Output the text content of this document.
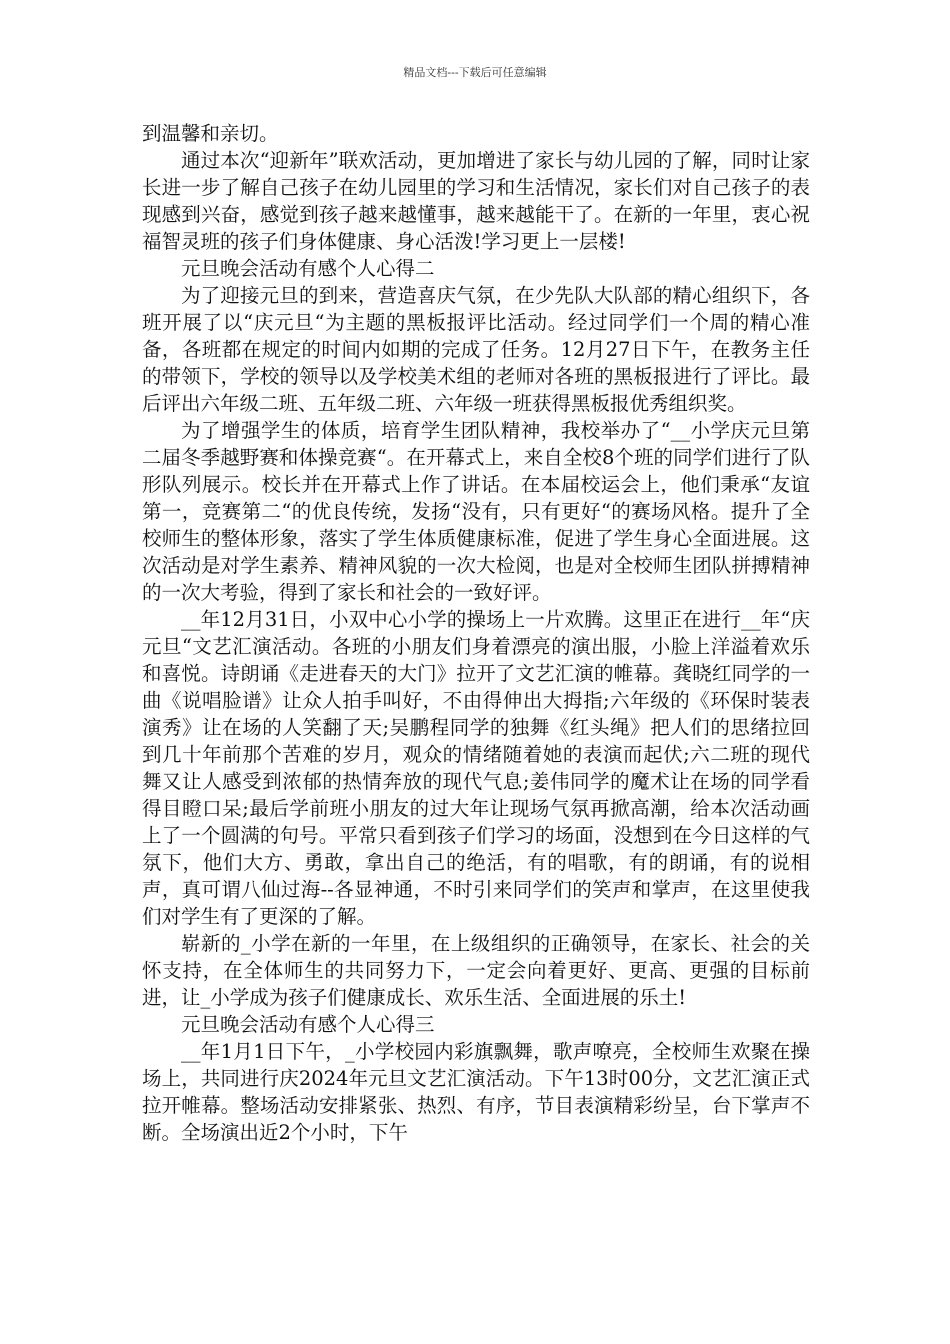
精品文档---下载后可任意编辑

到温馨和亲切。

通过本次“迎新年”联欢活动，更加增进了家长与幼儿园的了解，同时让家长进一步了解自己孩子在幼儿园里的学习和生活情况，家长们对自己孩子的表现感到兴奋，感觉到孩子越来越懂事，越来越能干了。在新的一年里，衷心祝福智灵班的孩子们身体健康、身心活泼!学习更上一层楼!

元旦晚会活动有感个人心得二

为了迎接元旦的到来，营造喜庆气氛，在少先队大队部的精心组织下，各班开展了以“庆元旦“为主题的黑板报评比活动。经过同学们一个周的精心准备，各班都在规定的时间内如期的完成了任务。12月27日下午，在教务主任的带领下，学校的领导以及学校美术组的老师对各班的黑板报进行了评比。最后评出六年级二班、五年级二班、六年级一班获得黑板报优秀组织奖。

为了增强学生的体质，培育学生团队精神，我校举办了“__小学庆元旦第二届冬季越野赛和体操竞赛“。在开幕式上，来自全校8个班的同学们进行了队形队列展示。校长并在开幕式上作了讲话。在本届校运会上，他们秉承“友谊第一，竞赛第二“的优良传统，发扬“没有，只有更好“的赛场风格。提升了全校师生的整体形象，落实了学生体质健康标准，促进了学生身心全面进展。这次活动是对学生素养、精神风貌的一次大检阅，也是对全校师生团队拼搏精神的一次大考验，得到了家长和社会的一致好评。

__年12月31日，小双中心小学的操场上一片欢腾。这里正在进行__年“庆元旦“文艺汇演活动。各班的小朋友们身着漂亮的演出服，小脸上洋溢着欢乐和喜悦。诗朗诵《走进春天的大门》拉开了文艺汇演的帷幕。龚晓红同学的一曲《说唱脸谱》让众人拍手叫好，不由得伸出大拇指;六年级的《环保时装表演秀》让在场的人笑翻了天;吴鹏程同学的独舞《红头绳》把人们的思绪拉回到几十年前那个苦难的岁月，观众的情绪随着她的表演而起伏;六二班的现代舞又让人感受到浓郁的热情奔放的现代气息;姜伟同学的魔术让在场的同学看得目瞪口呆;最后学前班小朋友的过大年让现场气氛再掀高潮，给本次活动画上了一个圆满的句号。平常只看到孩子们学习的场面，没想到在今日这样的气氛下，他们大方、勇敢，拿出自己的绝活，有的唱歌，有的朗诵，有的说相声，真可谓八仙过海--各显神通，不时引来同学们的笑声和掌声，在这里使我们对学生有了更深的了解。

崭新的_小学在新的一年里，在上级组织的正确领导，在家长、社会的关怀支持，在全体师生的共同努力下，一定会向着更好、更高、更强的目标前进，让_小学成为孩子们健康成长、欢乐生活、全面进展的乐土!

元旦晚会活动有感个人心得三

__年1月1日下午，_小学校园内彩旗飘舞，歌声嘹亮，全校师生欢聚在操场上，共同进行庆2024年元旦文艺汇演活动。下午13时00分，文艺汇演正式拉开帷幕。整场活动安排紧张、热烈、有序，节目表演精彩纷呈，台下掌声不断。全场演出近2个小时，下午
